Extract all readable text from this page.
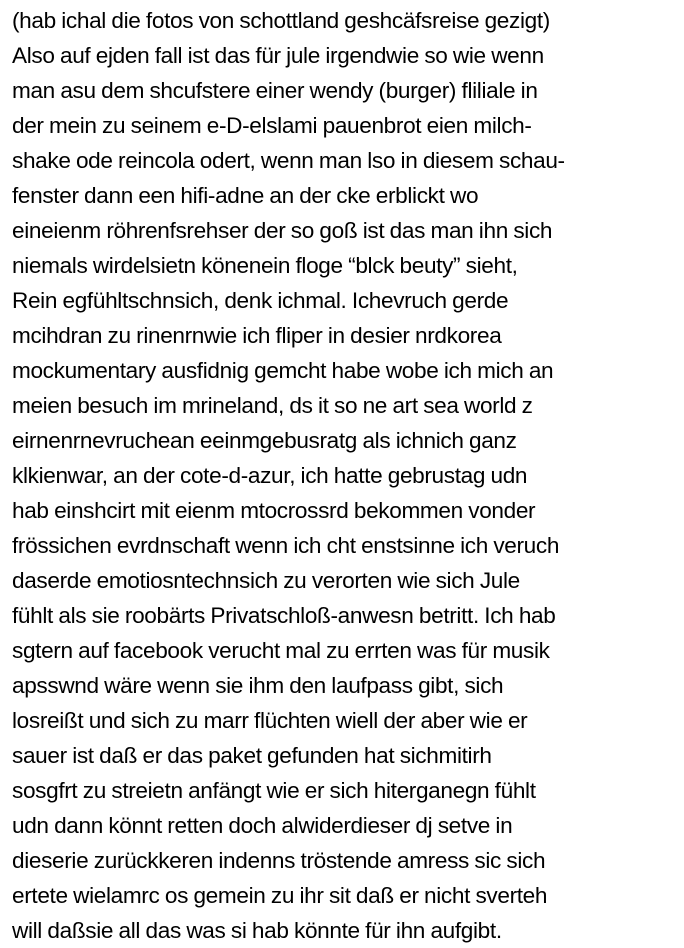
(hab ichal die fotos von schottland geshcäfsreise gezigt)
Also auf ejden fall ist das für jule irgendwie so wie wenn
man asu dem shcufstere einer wendy (burger) fliliale in
der mein zu seinem e-D-elslami pauenbrot eien milch-
shake ode reincola odert, wenn man lso in diesem schau-
fenster dann een hifi-adne an der cke erblickt wo
eineienm röhrenfsrehser der so goß ist das man ihn sich
niemals wirdelsietn könenein floge “blck beuty” sieht,
Rein egfühltschnsich, denk ichmal. Ichevruch gerde
mcihdran zu rinenrnwie ich fliper in desier nrdkorea
mockumentary ausfidnig gemcht habe wobe ich mich an
meien besuch im mrineland, ds it so ne art sea world z
eirnenrnevruchean eeinmgebusratg als ichnich ganz
klkienwar, an der cote-d-azur, ich hatte gebrustag udn
hab einshcirt mit eienm mtocrossrd bekommen vonder
frössichen evrdnschaft wenn ich cht enstsinne ich veruch
daserde emotiosntechnsich zu verorten wie sich Jule
fühlt als sie roobärts Privatschloß-anwesn betritt. Ich hab
sgtern auf facebook verucht mal zu errten was für musik
apsswnd wäre wenn sie ihm den laufpass gibt, sich
losreißt und sich zu marr flüchten wiell der aber wie er
sauer ist daß er das paket gefunden hat sichmitirh
sosgfrt zu streietn anfängt wie er sich hiterganegn fühlt
udn dann könnt retten doch alwiderdieser dj setve in
dieserie zurückkeren indenns tröstende amress sic sich
ertete wielamrc os gemein zu ihr sit daß er nicht sverteh
will daßsie all das was si hab könnte für ihn aufgibt.
